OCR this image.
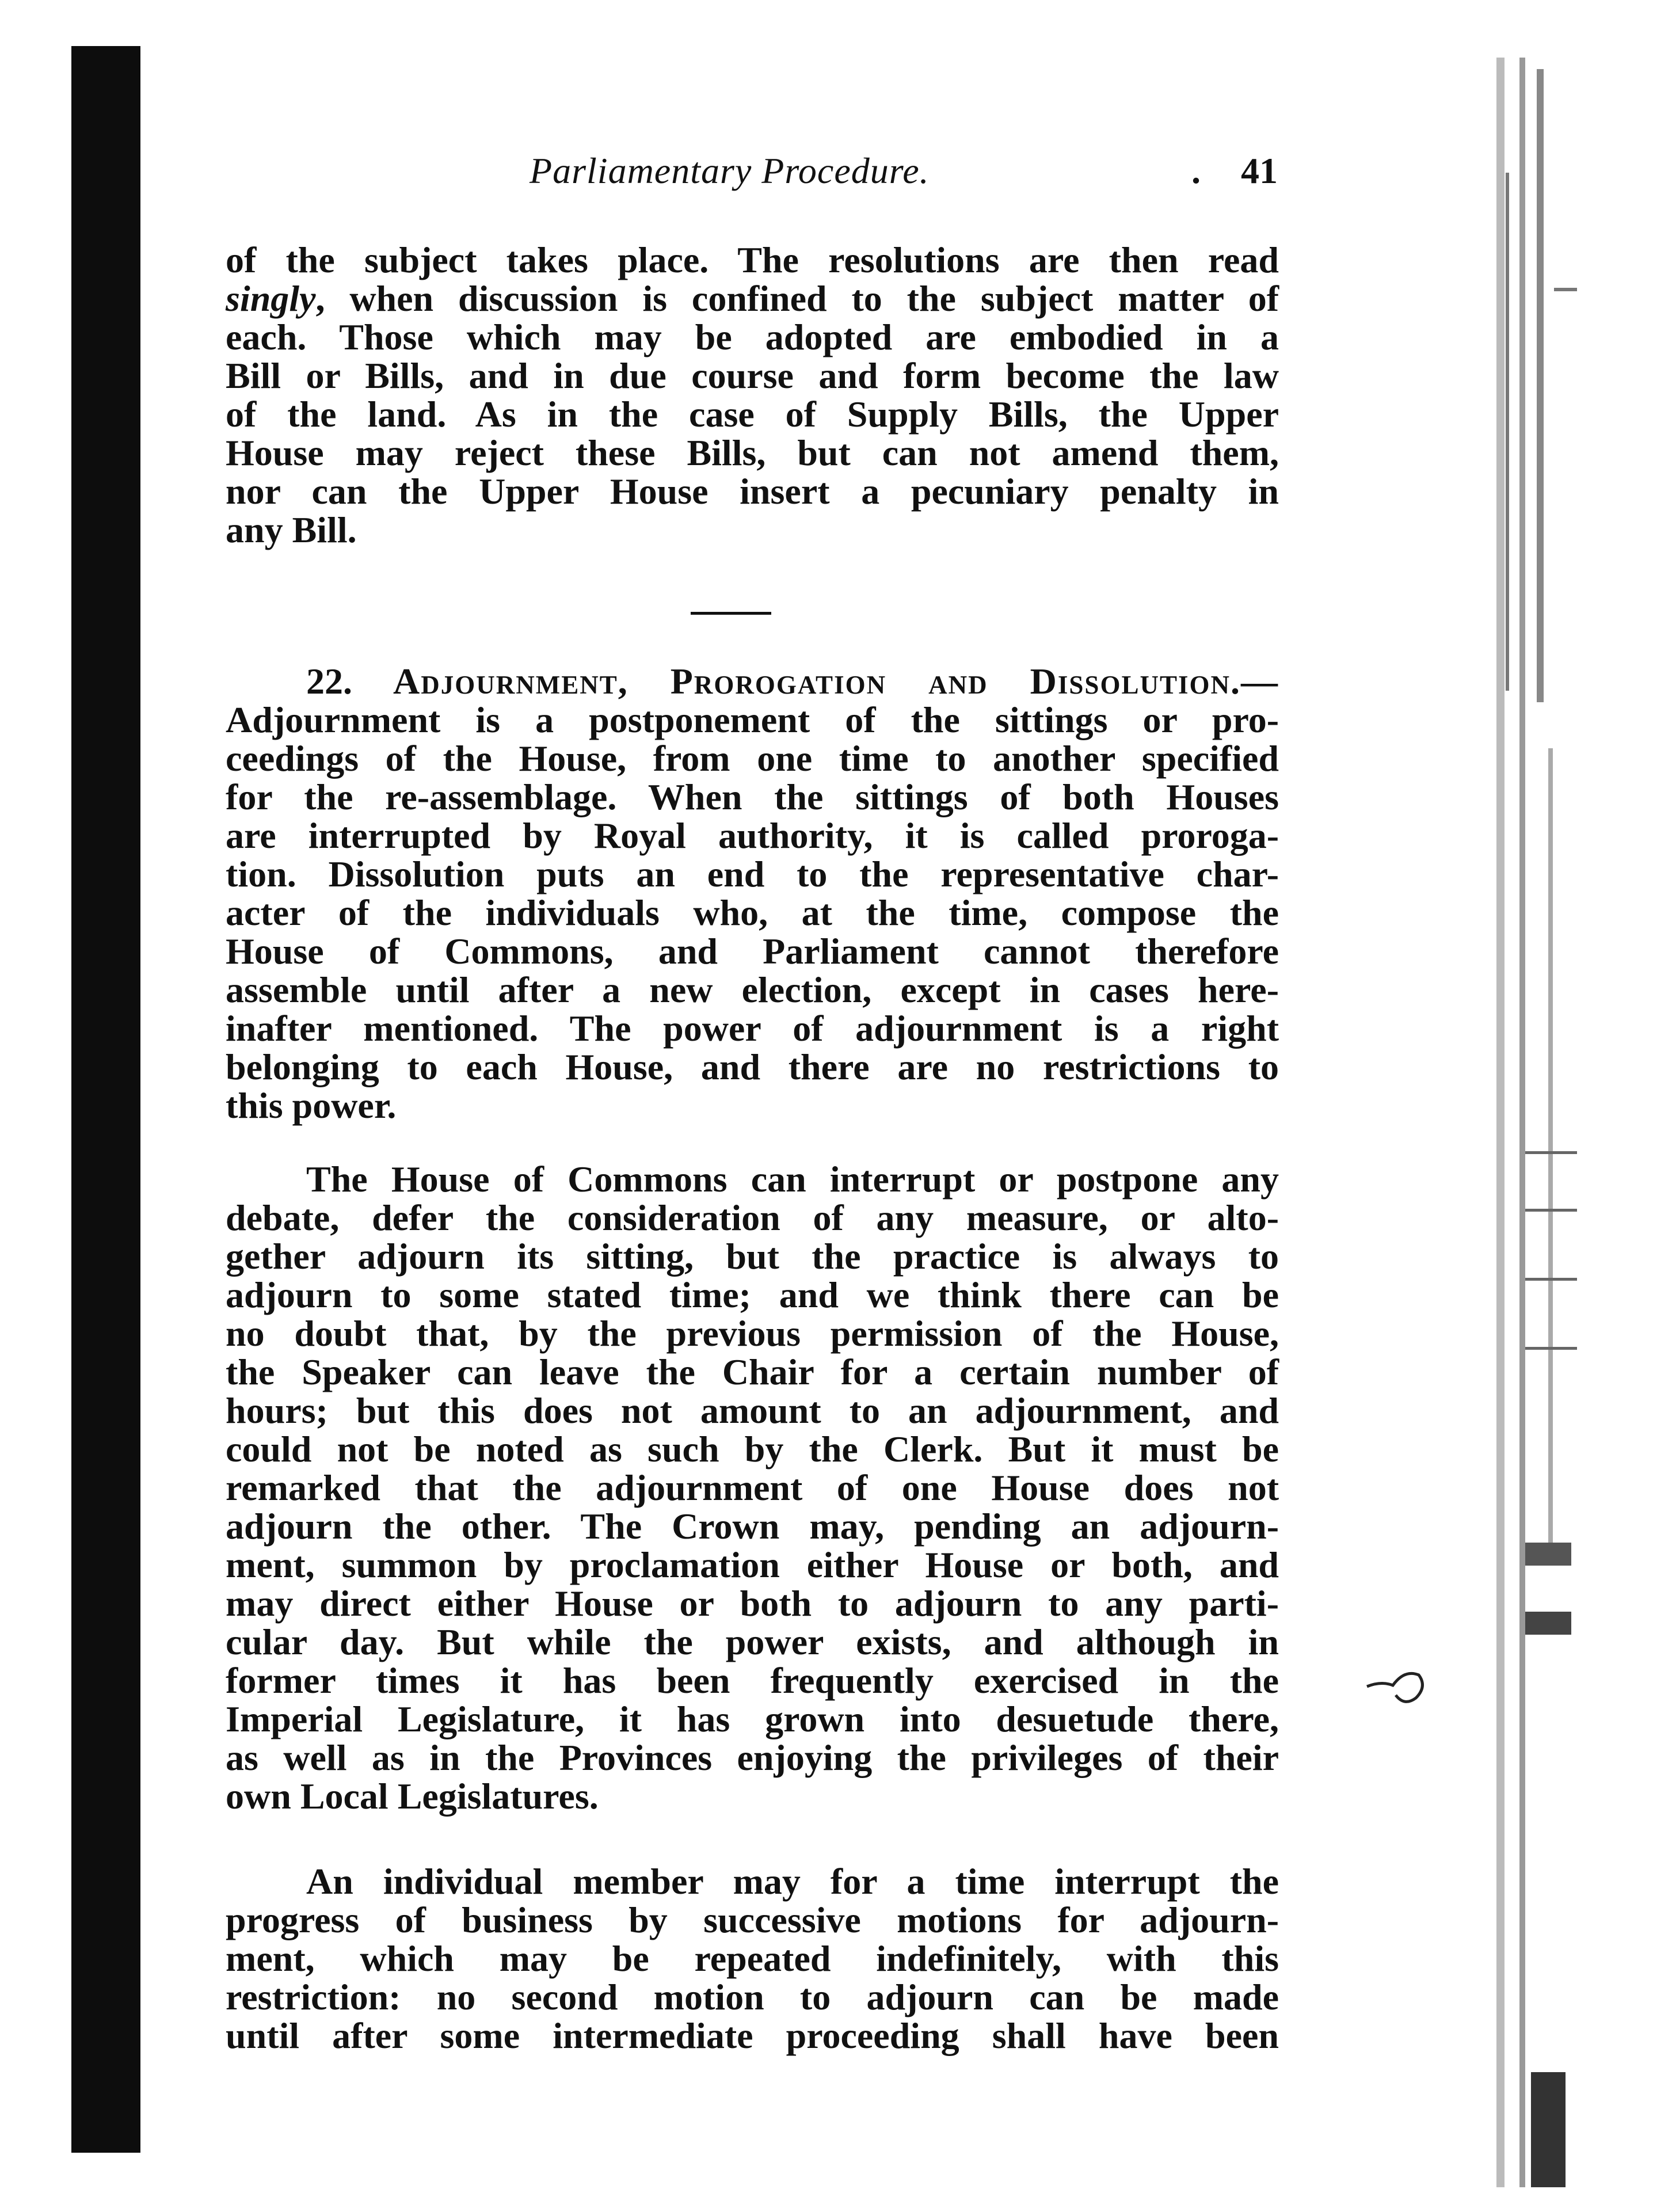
Parliamentary Procedure.	. 41
of the subject takes place. The resolutions are then read
singly, when discussion is confined to the subject matter of
each. Those which may be adopted are embodied in a
Bill or Bills, and in due course and form become the law
of the land. As in the case of Supply Bills, the Upper
House may reject these Bills, but can not amend them,
nor can the Upper House insert a pecuniary penalty in
any Bill.
22. Adjournment, Prorogation and Dissolution.—
Adjournment is a postponement of the sittings or pro-
ceedings of the House, from one time to another specified
for the re-assemblage. When the sittings of both Houses
are interrupted by Royal authority, it is called proroga-
tion. Dissolution puts an end to the representative char-
acter of the individuals who, at the time, compose the
House of Commons, and Parliament cannot therefore
assemble until after a new election, except in cases here-
inafter mentioned. The power of adjournment is a right
belonging to each House, and there are no restrictions to
this power.
The House of Commons can interrupt or postpone any
debate, defer the consideration of any measure, or alto-
gether adjourn its sitting, but the practice is always to
adjourn to some stated time; and we think there can be
no doubt that, by the previous permission of the House,
the Speaker can leave the Chair for a certain number of
hours; but this does not amount to an adjournment, and
could not be noted as such by the Clerk. But it must be
remarked that the adjournment of one House does not
adjourn the other. The Crown may, pending an adjourn-
ment, summon by proclamation either House or both, and
may direct either House or both to adjourn to any parti-
cular day. But while the power exists, and although in
former times it has been frequently exercised in the
Imperial Legislature, it has grown into desuetude there,
as well as in the Provinces enjoying the privileges of their
own Local Legislatures.
An individual member may for a time interrupt the
progress of business by successive motions for adjourn-
ment, which may be repeated indefinitely, with this
restriction: no second motion to adjourn can be made
until after some intermediate proceeding shall have been
